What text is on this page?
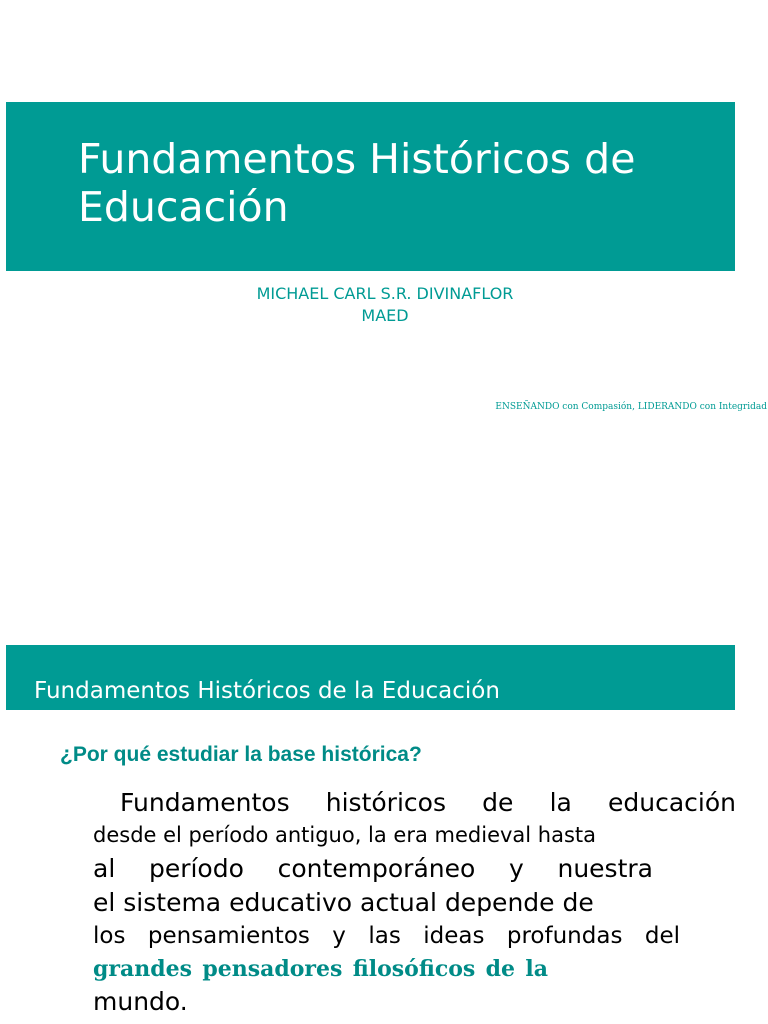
Fundamentos Históricos de Educación
MICHAEL CARL S.R. DIVINAFLOR
MAED
ENSEÑANDO con Compasión, LIDERANDO con Integridad
Fundamentos Históricos de la Educación
¿Por qué estudiar la base histórica?
Fundamentos históricos de la educación
desde el período antiguo, la era medieval hasta
al período contemporáneo y nuestra
el sistema educativo actual depende de
los pensamientos y las ideas profundas del
grandes pensadores filosóficos de la
mundo.
